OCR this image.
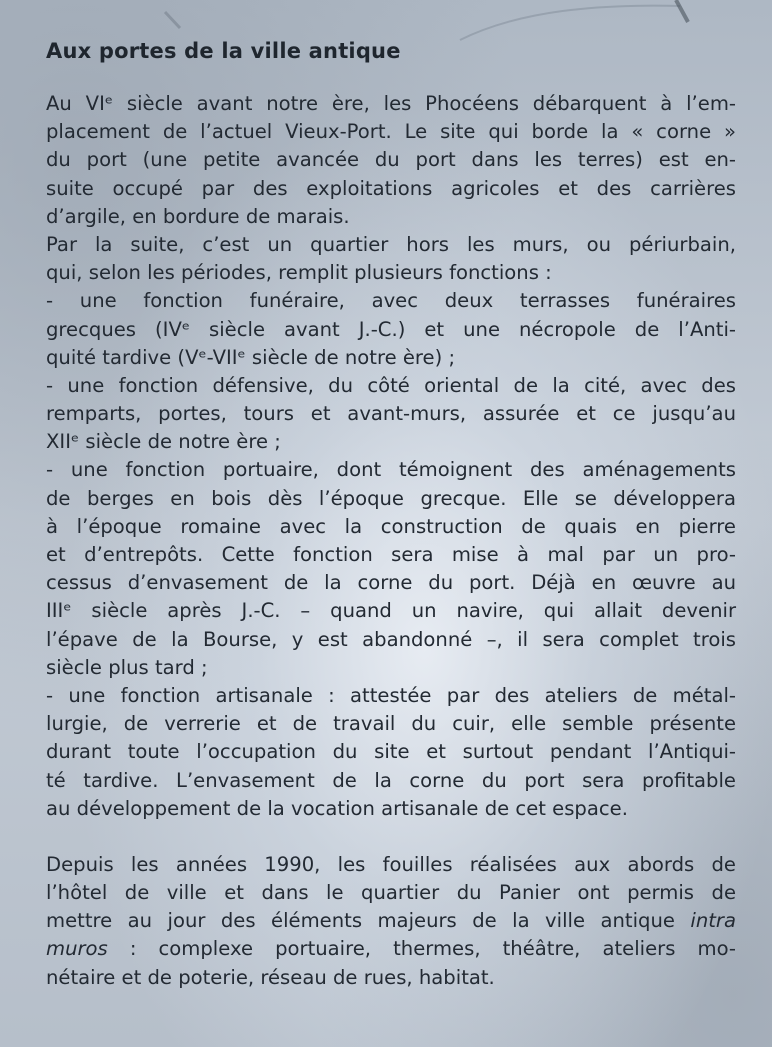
Aux portes de la ville antique
Au VIᵉ siècle avant notre ère, les Phocéens débarquent à l’em-
placement de l’actuel Vieux-Port. Le site qui borde la « corne »
du port (une petite avancée du port dans les terres) est en-
suite occupé par des exploitations agricoles et des carrières
d’argile, en bordure de marais.
Par la suite, c’est un quartier hors les murs, ou périurbain,
qui, selon les périodes, remplit plusieurs fonctions :
- une fonction funéraire, avec deux terrasses funéraires
grecques (IVᵉ siècle avant J.-C.) et une nécropole de l’Anti-
quité tardive (Vᵉ-VIIᵉ siècle de notre ère) ;
- une fonction défensive, du côté oriental de la cité, avec des
remparts, portes, tours et avant-murs, assurée et ce jusqu’au
XIIᵉ siècle de notre ère ;
- une fonction portuaire, dont témoignent des aménagements
de berges en bois dès l’époque grecque. Elle se développera
à l’époque romaine avec la construction de quais en pierre
et d’entrepôts. Cette fonction sera mise à mal par un pro-
cessus d’envasement de la corne du port. Déjà en œuvre au
IIIᵉ siècle après J.-C. – quand un navire, qui allait devenir
l’épave de la Bourse, y est abandonné –, il sera complet trois
siècle plus tard ;
- une fonction artisanale : attestée par des ateliers de métal-
lurgie, de verrerie et de travail du cuir, elle semble présente
durant toute l’occupation du site et surtout pendant l’Antiqui-
té tardive. L’envasement de la corne du port sera profitable
au développement de la vocation artisanale de cet espace.
Depuis les années 1990, les fouilles réalisées aux abords de
l’hôtel de ville et dans le quartier du Panier ont permis de
mettre au jour des éléments majeurs de la ville antique intra
muros : complexe portuaire, thermes, théâtre, ateliers mo-
nétaire et de poterie, réseau de rues, habitat.
